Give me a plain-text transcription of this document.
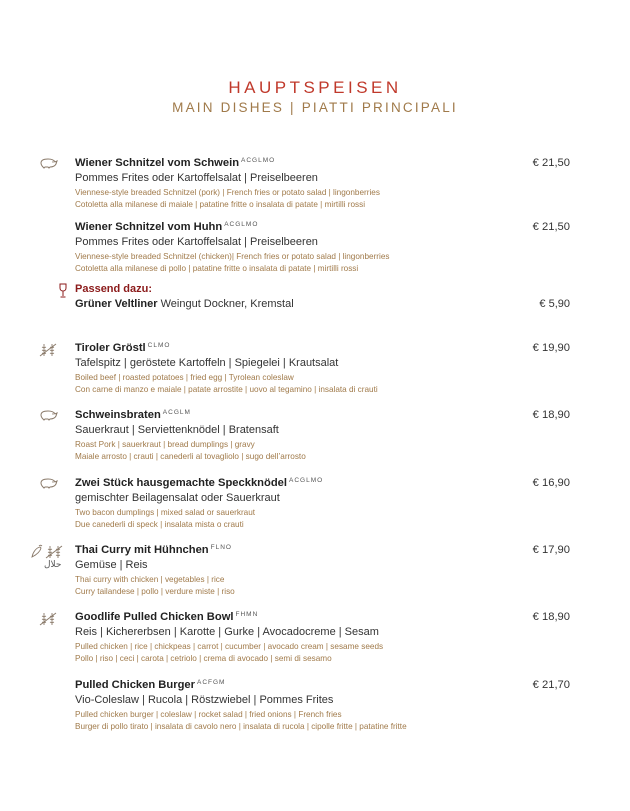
HAUPTSPEISEN
MAIN DISHES | PIATTI PRINCIPALI
Wiener Schnitzel vom Schwein $^{ACGLMO}$	€ 21,50
Pommes Frites oder Kartoffelsalat | Preiselbeeren
Viennese-style breaded Schnitzel (pork) | French fries or potato salad | lingonberries
Cotoletta alla milanese di maiale | patatine fritte o insalata di patate | mirtilli rossi
Wiener Schnitzel vom Huhn $^{ACGLMO}$	€ 21,50
Pommes Frites oder Kartoffelsalat | Preiselbeeren
Viennese-style breaded Schnitzel (chicken)| French fries or potato salad | lingonberries
Cotoletta alla milanese di pollo | patatine fritte o insalata di patate | mirtilli rossi
Passend dazu:
Grüner Veltliner Weingut Dockner, Kremstal	€ 5,90
Tiroler Gröstl $^{CLMO}$	€ 19,90
Tafelspitz | geröstete Kartoffeln | Spiegelei | Krautsalat
Boiled beef | roasted potatoes | fried egg | Tyrolean coleslaw
Con carne di manzo e maiale | patate arrostite | uovo al tegamino | insalata di crauti
Schweinsbraten $^{ACGLM}$	€ 18,90
Sauerkraut | Serviettenknödel | Bratensaft
Roast Pork | sauerkraut | bread dumplings | gravy
Maiale arrosto | crauti | canederli al tovagliolo | sugo dell’arrosto
Zwei Stück hausgemachte Speckknödel $^{ACGLMO}$	€ 16,90
gemischter Beilagensalat oder Sauerkraut
Two bacon dumplings | mixed salad or sauerkraut
Due canederli di speck | insalata mista o crauti
حلال
Thai Curry mit Hühnchen $^{FLNO}$	€ 17,90
Gemüse | Reis
Thai curry with chicken | vegetables | rice
Curry tailandese | pollo | verdure miste | riso
Goodlife Pulled Chicken Bowl $^{FHMN}$	€ 18,90
Reis | Kichererbsen | Karotte | Gurke | Avocadocreme | Sesam
Pulled chicken | rice | chickpeas | carrot | cucumber | avocado cream | sesame seeds
Pollo | riso | ceci | carota | cetriolo | crema di avocado | semi di sesamo
Pulled Chicken Burger $^{ACFGM}$	€ 21,70
Vio-Coleslaw | Rucola | Röstzwiebel | Pommes Frites
Pulled chicken burger | coleslaw | rocket salad | fried onions | French fries
Burger di pollo tirato | insalata di cavolo nero | insalata di rucola | cipolle fritte | patatine fritte
